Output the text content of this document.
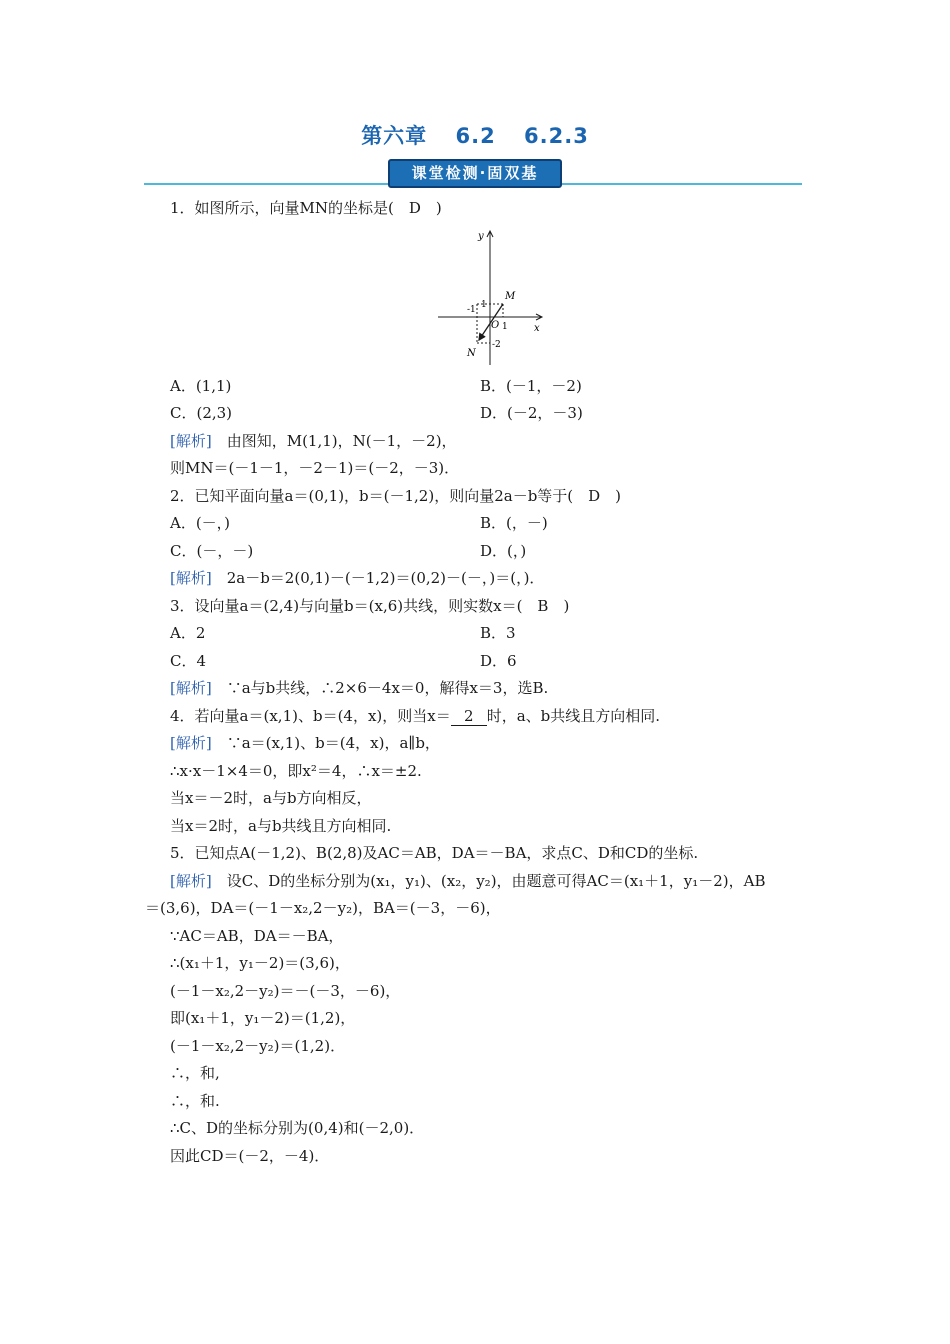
第六章 6.2 6.2.3
课堂检测·固双基
1．如图所示，向量MN的坐标是(　D　)
y
x
O 1
1
-1
-2
M
N
A．(1,1)	B．(－1，－2)
C．(2,3)	D．(－2，－3)
[解析]　由图知，M(1,1)，N(－1，－2)，
则MN＝(－1－1，－2－1)＝(－2，－3)．
2．已知平面向量a＝(0,1)，b＝(－1,2)，则向量2a－b等于(　D　)
A．(－，)	B．(，－)
C．(－，－)	D．(，)
[解析]　2a－b＝2(0,1)－(－1,2)＝(0,2)－(－，)＝(，)．
3．设向量a＝(2,4)与向量b＝(x,6)共线，则实数x＝(　B　)
A．2	B．3
C．4	D．6
[解析]　∵a与b共线，∴2×6－4x＝0，解得x＝3，选B.
4．若向量a＝(x,1)、b＝(4，x)，则当x＝ 2 时，a、b共线且方向相同.
[解析]　∵a＝(x,1)、b＝(4，x)，a∥b，
∴x·x－1×4＝0，即x²＝4，∴x＝±2.
当x＝－2时，a与b方向相反，
当x＝2时，a与b共线且方向相同.
5．已知点A(－1,2)、B(2,8)及AC＝AB，DA＝－BA，求点C、D和CD的坐标.
[解析]　设C、D的坐标分别为(x₁，y₁)、(x₂，y₂)，由题意可得AC＝(x₁＋1，y₁－2)，AB
＝(3,6)，DA＝(－1－x₂,2－y₂)，BA＝(－3，－6)，
∵AC＝AB，DA＝－BA，
∴(x₁＋1，y₁－2)＝(3,6)，
(－1－x₂,2－y₂)＝－(－3，－6)，
即(x₁＋1，y₁－2)＝(1,2)，
(－1－x₂,2－y₂)＝(1,2)．
∴，和,
∴，和.
∴C、D的坐标分别为(0,4)和(－2,0)．
因此CD＝(－2，－4)．
